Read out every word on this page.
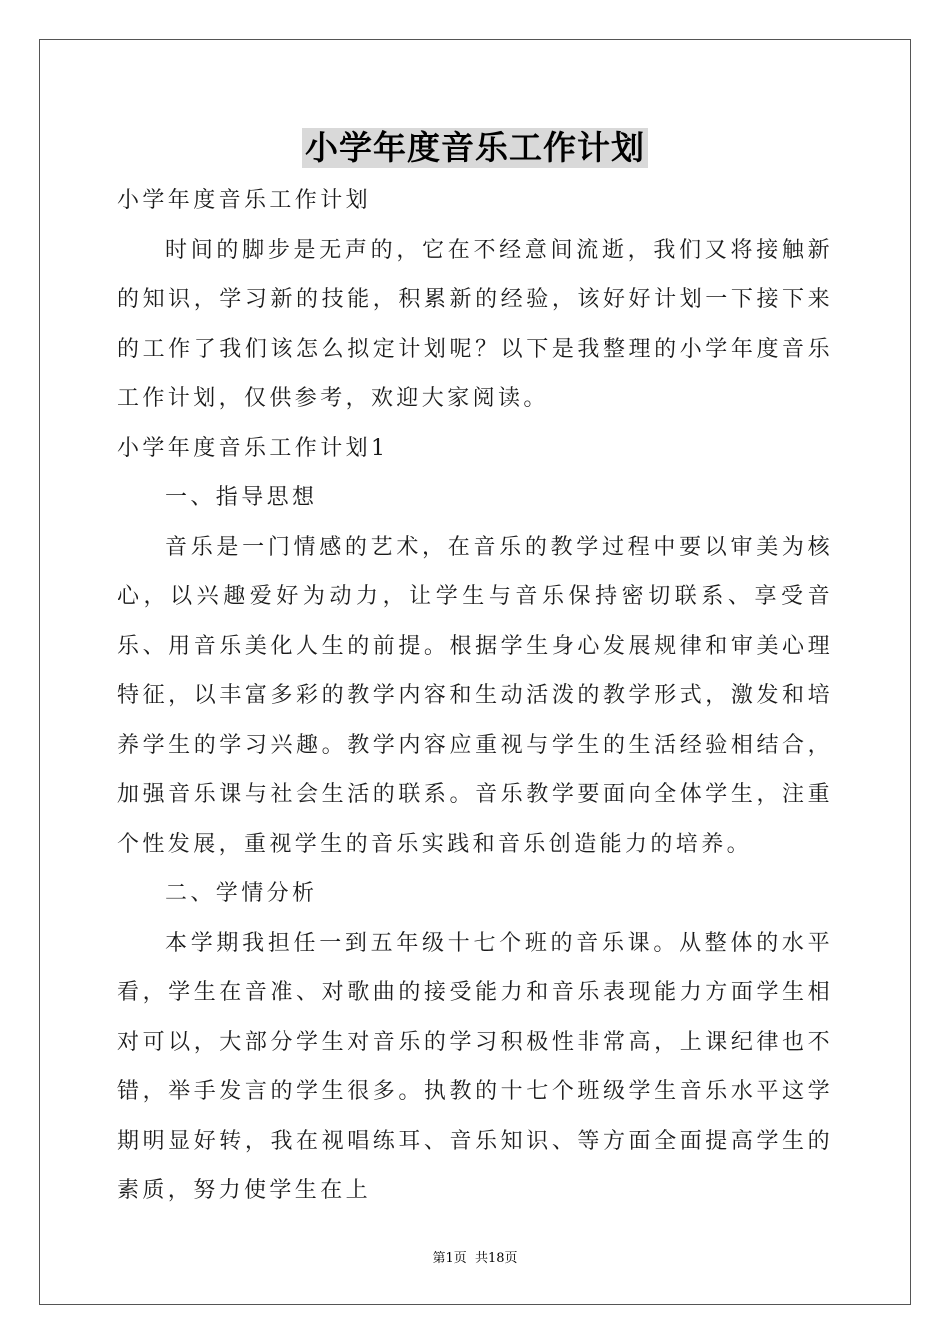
小学年度音乐工作计划
小学年度音乐工作计划
时间的脚步是无声的，它在不经意间流逝，我们又将接触新的知识，学习新的技能，积累新的经验，该好好计划一下接下来的工作了我们该怎么拟定计划呢？以下是我整理的小学年度音乐工作计划，仅供参考，欢迎大家阅读。
小学年度音乐工作计划1
一、指导思想
音乐是一门情感的艺术，在音乐的教学过程中要以审美为核心，以兴趣爱好为动力，让学生与音乐保持密切联系、享受音乐、用音乐美化人生的前提。根据学生身心发展规律和审美心理特征，以丰富多彩的教学内容和生动活泼的教学形式，激发和培养学生的学习兴趣。教学内容应重视与学生的生活经验相结合，加强音乐课与社会生活的联系。音乐教学要面向全体学生，注重个性发展，重视学生的音乐实践和音乐创造能力的培养。
二、学情分析
本学期我担任一到五年级十七个班的音乐课。从整体的水平看，学生在音准、对歌曲的接受能力和音乐表现能力方面学生相对可以，大部分学生对音乐的学习积极性非常高，上课纪律也不错，举手发言的学生很多。执教的十七个班级学生音乐水平这学期明显好转，我在视唱练耳、音乐知识、等方面全面提高学生的素质，努力使学生在上
第1页 共18页
